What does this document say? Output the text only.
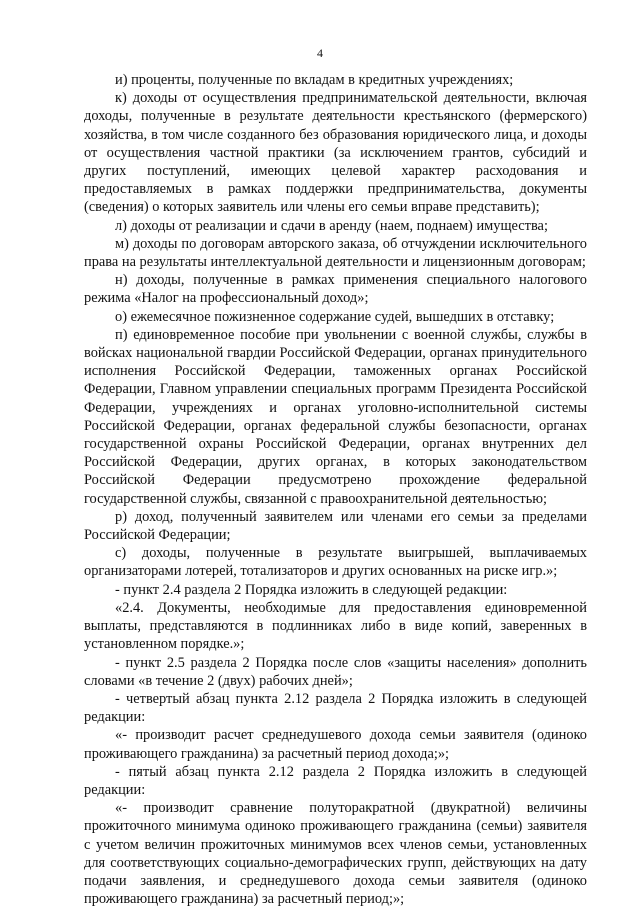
4

и) проценты, полученные по вкладам в кредитных учреждениях;

к) доходы от осуществления предпринимательской деятельности, включая доходы, полученные в результате деятельности крестьянского (фермерского) хозяйства, в том числе созданного без образования юридического лица, и доходы от осуществления частной практики (за исключением грантов, субсидий и других поступлений, имеющих целевой характер расходования и предоставляемых в рамках поддержки предпринимательства, документы (сведения) о которых заявитель или члены его семьи вправе представить);

л) доходы от реализации и сдачи в аренду (наем, поднаем) имущества;

м) доходы по договорам авторского заказа, об отчуждении исключительного права на результаты интеллектуальной деятельности и лицензионным договорам;

н) доходы, полученные в рамках применения специального налогового режима «Налог на профессиональный доход»;

о) ежемесячное пожизненное содержание судей, вышедших в отставку;

п) единовременное пособие при увольнении с военной службы, службы в войсках национальной гвардии Российской Федерации, органах принудительного исполнения Российской Федерации, таможенных органах Российской Федерации, Главном управлении специальных программ Президента Российской Федерации, учреждениях и органах уголовно-исполнительной системы Российской Федерации, органах федеральной службы безопасности, органах государственной охраны Российской Федерации, органах внутренних дел Российской Федерации, других органах, в которых законодательством Российской Федерации предусмотрено прохождение федеральной государственной службы, связанной с правоохранительной деятельностью;

р) доход, полученный заявителем или членами его семьи за пределами Российской Федерации;

с) доходы, полученные в результате выигрышей, выплачиваемых организаторами лотерей, тотализаторов и других основанных на риске игр.»;

- пункт 2.4 раздела 2 Порядка изложить в следующей редакции:

«2.4. Документы, необходимые для предоставления единовременной выплаты, представляются в подлинниках либо в виде копий, заверенных в установленном порядке.»;

- пункт 2.5 раздела 2 Порядка после слов «защиты населения» дополнить словами «в течение 2 (двух) рабочих дней»;

- четвертый абзац пункта 2.12 раздела 2 Порядка изложить в следующей редакции:

«- производит расчет среднедушевого дохода семьи заявителя (одиноко проживающего гражданина) за расчетный период дохода;»;

- пятый абзац пункта 2.12 раздела 2 Порядка изложить в следующей редакции:

«- производит сравнение полуторакратной (двукратной) величины прожиточного минимума одиноко проживающего гражданина (семьи) заявителя с учетом величин прожиточных минимумов всех членов семьи, установленных для соответствующих социально-демографических групп, действующих на дату подачи заявления, и среднедушевого дохода семьи заявителя (одиноко проживающего гражданина) за расчетный период;»;
